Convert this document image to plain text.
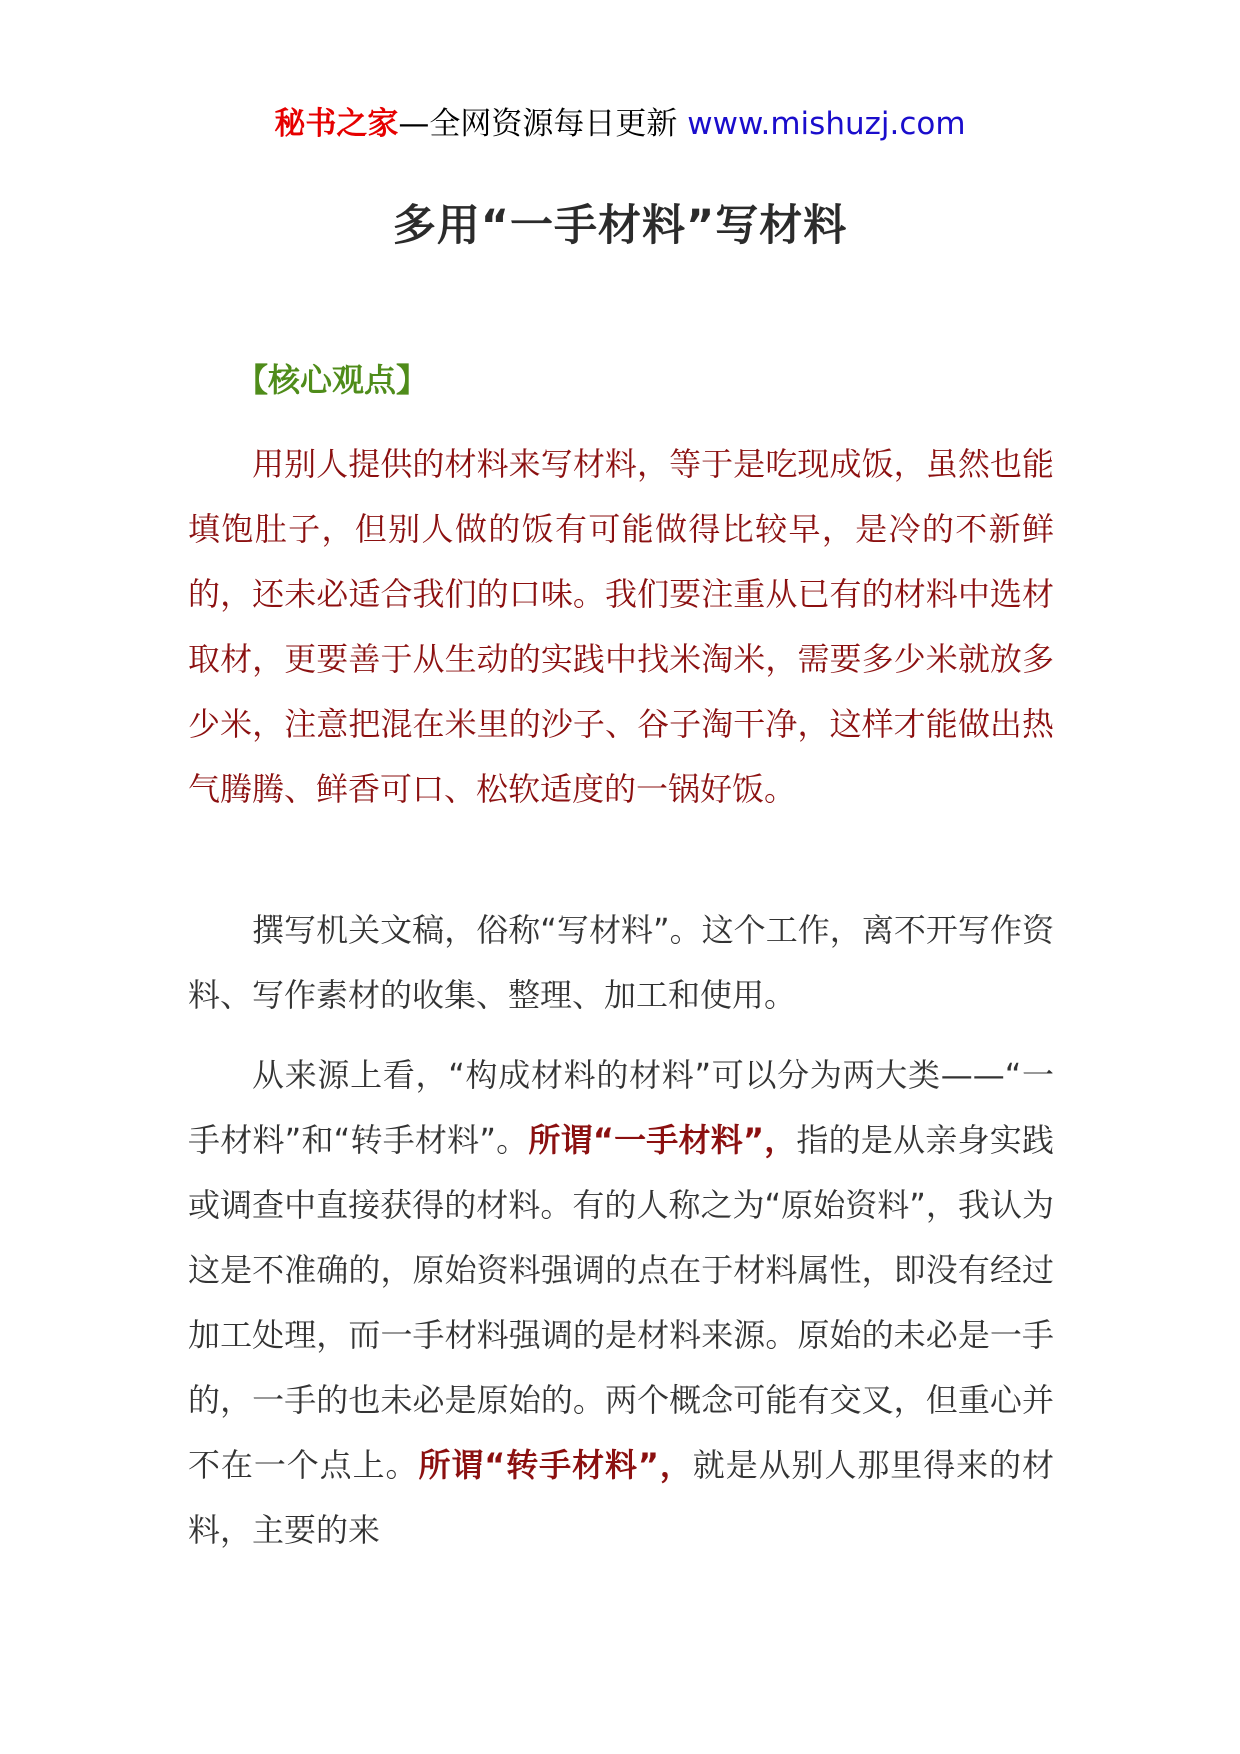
秘书之家—全网资源每日更新 www.mishuzj.com
多用“一手材料”写材料
【核心观点】

用别人提供的材料来写材料，等于是吃现成饭，虽然也能填饱肚子，但别人做的饭有可能做得比较早，是冷的不新鲜的，还未必适合我们的口味。我们要注重从已有的材料中选材取材，更要善于从生动的实践中找米淘米，需要多少米就放多少米，注意把混在米里的沙子、谷子淘干净，这样才能做出热气腾腾、鲜香可口、松软适度的一锅好饭。

撰写机关文稿，俗称“写材料”。这个工作，离不开写作资料、写作素材的收集、整理、加工和使用。

从来源上看，“构成材料的材料”可以分为两大类——“一手材料”和“转手材料”。所谓“一手材料”，指的是从亲身实践或调查中直接获得的材料。有的人称之为“原始资料”，我认为这是不准确的，原始资料强调的点在于材料属性，即没有经过加工处理，而一手材料强调的是材料来源。原始的未必是一手的，一手的也未必是原始的。两个概念可能有交叉，但重心并不在一个点上。所谓“转手材料”，就是从别人那里得来的材料，主要的来
